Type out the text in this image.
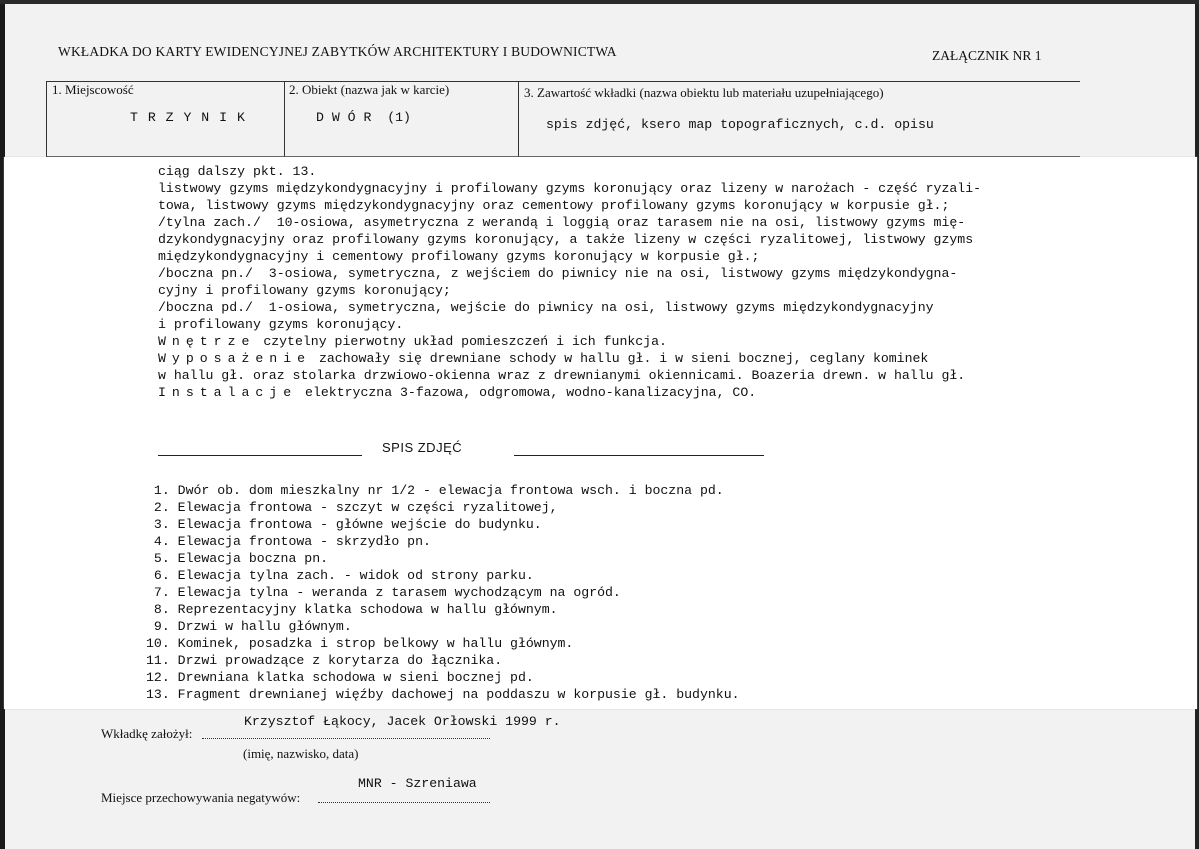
WKŁADKA DO KARTY EWIDENCYJNEJ ZABYTKÓW ARCHITEKTURY I BUDOWNICTWA	ZAŁĄCZNIK NR 1
1. Miejscowość	2. Obiekt (nazwa jak w karcie)	3. Zawartość wkładki (nazwa obiektu lub materiału uzupełniającego)
T R Z Y N I K	D W Ó R  (1)	spis zdjęć, ksero map topograficznych, c.d. opisu
ciąg dalszy pkt. 13.
listwowy gzyms międzykondygnacyjny i profilowany gzyms koronujący oraz lizeny w narożach - część ryzali-
towa, listwowy gzyms międzykondygnacyjny oraz cementowy profilowany gzyms koronujący w korpusie gł.;
/tylna zach./  10-osiowa, asymetryczna z werandą i loggią oraz tarasem nie na osi, listwowy gzyms mię-
dzykondygnacyjny oraz profilowany gzyms koronujący, a także lizeny w części ryzalitowej, listwowy gzyms
międzykondygnacyjny i cementowy profilowany gzyms koronujący w korpusie gł.;
/boczna pn./  3-osiowa, symetryczna, z wejściem do piwnicy nie na osi, listwowy gzyms międzykondygna-
cyjny i profilowany gzyms koronujący;
/boczna pd./  1-osiowa, symetryczna, wejście do piwnicy na osi, listwowy gzyms międzykondygnacyjny
i profilowany gzyms koronujący.
Wnętrze czytelny pierwotny układ pomieszczeń i ich funkcja.
Wyposażenie zachowały się drewniane schody w hallu gł. i w sieni bocznej, ceglany kominek
w hallu gł. oraz stolarka drzwiowo-okienna wraz z drewnianymi okiennicami. Boazeria drewn. w hallu gł.
Instalacje elektryczna 3-fazowa, odgromowa, wodno-kanalizacyjna, CO.
SPIS ZDJĘĆ
1. Dwór ob. dom mieszkalny nr 1/2 - elewacja frontowa wsch. i boczna pd.
2. Elewacja frontowa - szczyt w części ryzalitowej,
3. Elewacja frontowa - główne wejście do budynku.
4. Elewacja frontowa - skrzydło pn.
5. Elewacja boczna pn.
6. Elewacja tylna zach. - widok od strony parku.
7. Elewacja tylna - weranda z tarasem wychodzącym na ogród.
8. Reprezentacyjny klatka schodowa w hallu głównym.
9. Drzwi w hallu głównym.
10. Kominek, posadzka i strop belkowy w hallu głównym.
11. Drzwi prowadzące z korytarza do łącznika.
12. Drewniana klatka schodowa w sieni bocznej pd.
13. Fragment drewnianej więźby dachowej na poddaszu w korpusie gł. budynku.
Krzysztof Łąkocy, Jacek Orłowski 1999 r.
Wkładkę założył:
(imię, nazwisko, data)
MNR - Szreniawa
Miejsce przechowywania negatywów:
